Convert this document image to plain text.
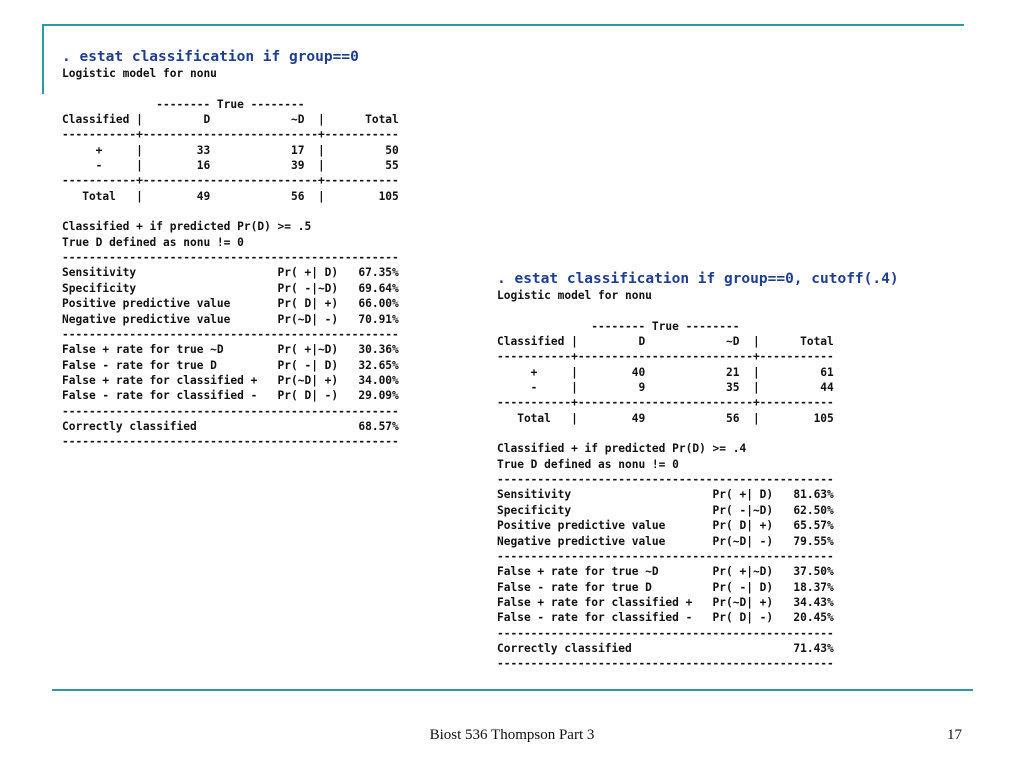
. estat classification if group==0
Logistic model for nonu

-------- True --------
Classified |         D            ~D  |      Total
-----------+--------------------------+-----------
+     |        33            17  |         50
-     |        16            39  |         55
-----------+--------------------------+-----------
Total   |        49            56  |        105

Classified + if predicted Pr(D) >= .5
True D defined as nonu != 0
--------------------------------------------------
Sensitivity                     Pr( +| D)   67.35%
Specificity                     Pr( -|~D)   69.64%
Positive predictive value       Pr( D| +)   66.00%
Negative predictive value       Pr(~D| -)   70.91%
--------------------------------------------------
False + rate for true ~D        Pr( +|~D)   30.36%
False - rate for true D         Pr( -| D)   32.65%
False + rate for classified +   Pr(~D| +)   34.00%
False - rate for classified -   Pr( D| -)   29.09%
--------------------------------------------------
Correctly classified                        68.57%
--------------------------------------------------
. estat classification if group==0, cutoff(.4)
Logistic model for nonu

-------- True --------
Classified |         D            ~D  |      Total
-----------+--------------------------+-----------
+     |        40            21  |         61
-     |         9            35  |         44
-----------+--------------------------+-----------
Total   |        49            56  |        105

Classified + if predicted Pr(D) >= .4
True D defined as nonu != 0
--------------------------------------------------
Sensitivity                     Pr( +| D)   81.63%
Specificity                     Pr( -|~D)   62.50%
Positive predictive value       Pr( D| +)   65.57%
Negative predictive value       Pr(~D| -)   79.55%
--------------------------------------------------
False + rate for true ~D        Pr( +|~D)   37.50%
False - rate for true D         Pr( -| D)   18.37%
False + rate for classified +   Pr(~D| +)   34.43%
False - rate for classified -   Pr( D| -)   20.45%
--------------------------------------------------
Correctly classified                        71.43%
--------------------------------------------------
Biost 536 Thompson Part 3	17
